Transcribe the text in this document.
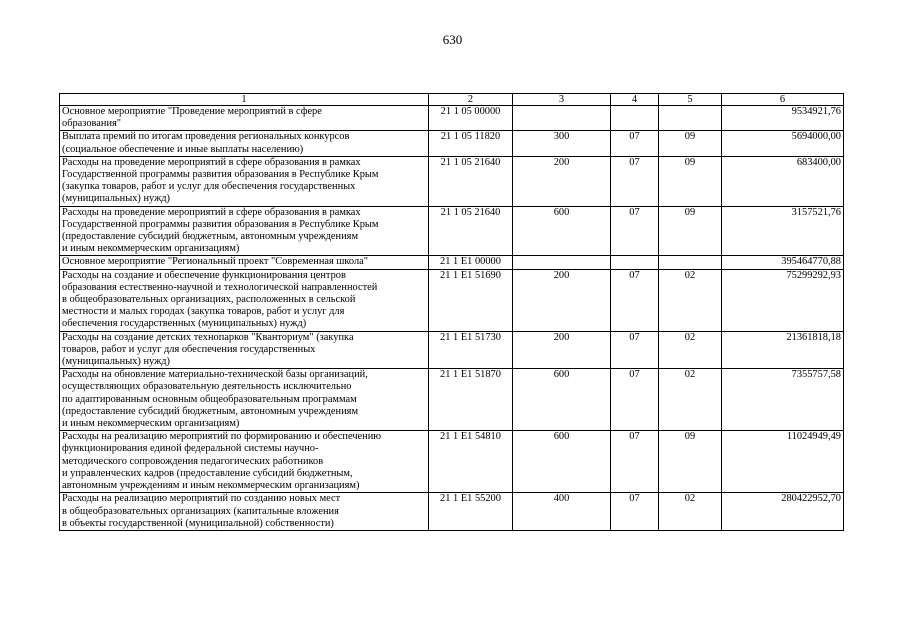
630
1	2	3	4	5	6
Основное мероприятие "Проведение мероприятий в сфере
образования"	21 1 05 00000				9534921,76
Выплата премий по итогам проведения региональных конкурсов
(социальное обеспечение и иные выплаты населению)	21 1 05 11820	300	07	09	5694000,00
Расходы на проведение мероприятий в сфере образования в рамках
Государственной программы развития образования в Республике Крым
(закупка товаров, работ и услуг для обеспечения государственных
(муниципальных) нужд)	21 1 05 21640	200	07	09	683400,00
Расходы на проведение мероприятий в сфере образования в рамках
Государственной программы развития образования в Республике Крым
(предоставление субсидий бюджетным, автономным учреждениям
и иным некоммерческим организациям)	21 1 05 21640	600	07	09	3157521,76
Основное мероприятие "Региональный проект "Современная школа"	21 1 E1 00000				395464770,88
Расходы на создание и обеспечение функционирования центров
образования естественно-научной и технологической направленностей
в общеобразовательных организациях, расположенных в сельской
местности и малых городах (закупка товаров, работ и услуг для
обеспечения государственных (муниципальных) нужд)	21 1 E1 51690	200	07	02	75299292,93
Расходы на создание детских технопарков "Кванториум" (закупка
товаров, работ и услуг для обеспечения государственных
(муниципальных) нужд)	21 1 E1 51730	200	07	02	21361818,18
Расходы на обновление материально-технической базы организаций,
осуществляющих образовательную деятельность исключительно
по адаптированным основным общеобразовательным программам
(предоставление субсидий бюджетным, автономным учреждениям
и иным некоммерческим организациям)	21 1 E1 51870	600	07	02	7355757,58
Расходы на реализацию мероприятий по формированию и обеспечению
функционирования единой федеральной системы научно-
методического сопровождения педагогических работников
и управленческих кадров (предоставление субсидий бюджетным,
автономным учреждениям и иным некоммерческим организациям)	21 1 E1 54810	600	07	09	11024949,49
Расходы на реализацию мероприятий по созданию новых мест
в общеобразовательных организациях (капитальные вложения
в объекты государственной (муниципальной) собственности)	21 1 E1 55200	400	07	02	280422952,70
